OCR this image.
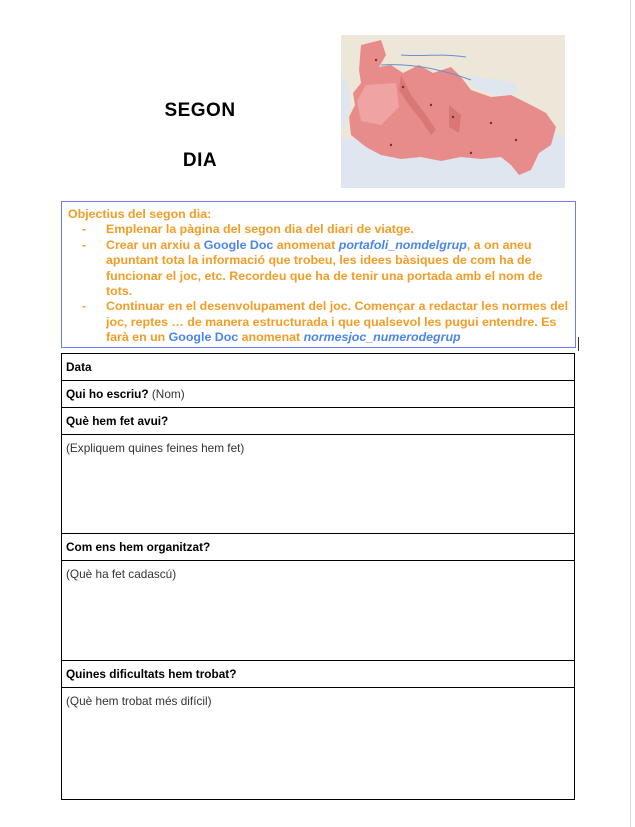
SEGON
DIA
Objectius del segon dia:
- Emplenar la pàgina del segon dia del diari de viatge.
- Crear un arxiu a Google Doc anomenat portafoli_nomdelgrup, a on aneu apuntant tota la informació que trobeu, les idees bàsiques de com ha de funcionar el joc, etc. Recordeu que ha de tenir una portada amb el nom de tots.
- Continuar en el desenvolupament del joc. Començar a redactar les normes del joc, reptes … de manera estructurada i que qualsevol les pugui entendre. Es farà en un Google Doc anomenat normesjoc_numerodegrup
Data
Qui ho escriu? (Nom)
Què hem fet avui?
(Expliquem quines feines hem fet)
Com ens hem organitzat?
(Què ha fet cadascú)
Quines dificultats hem trobat?
(Què hem trobat més difícil)
